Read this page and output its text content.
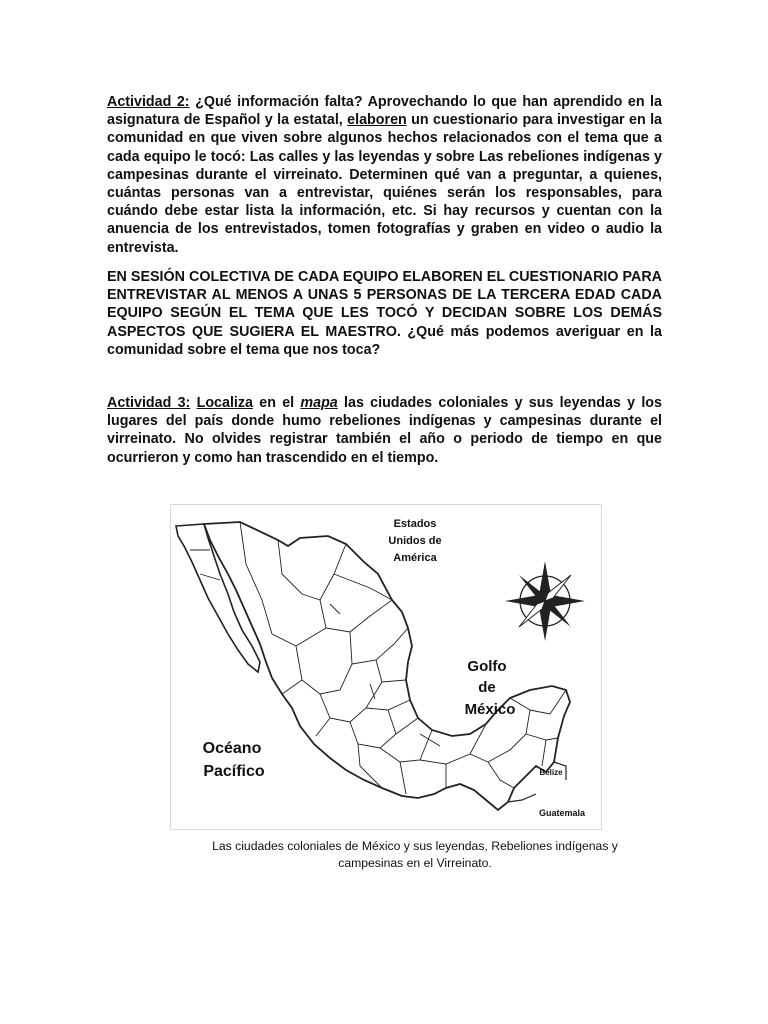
Actividad 2: ¿Qué información falta? Aprovechando lo que han aprendido en la asignatura de Español y la estatal, elaboren un cuestionario para investigar en la comunidad en que viven sobre algunos hechos relacionados con el tema que a cada equipo le tocó: Las calles y las leyendas y sobre Las rebeliones indígenas y campesinas durante el virreinato. Determinen qué van a preguntar, a quienes, cuántas personas van a entrevistar, quiénes serán los responsables, para cuándo debe estar lista la información, etc. Si hay recursos y cuentan con la anuencia de los entrevistados, tomen fotografías y graben en video o audio la entrevista.

EN SESIÓN COLECTIVA DE CADA EQUIPO ELABOREN EL CUESTIONARIO PARA ENTREVISTAR AL MENOS A UNAS 5 PERSONAS DE LA TERCERA EDAD CADA EQUIPO SEGÚN EL TEMA QUE LES TOCÓ Y DECIDAN SOBRE LOS DEMÁS ASPECTOS QUE SUGIERA EL MAESTRO. ¿Qué más podemos averiguar en la comunidad sobre el tema que nos toca?

Actividad 3: Localiza en el mapa las ciudades coloniales y sus leyendas y los lugares del país donde humo rebeliones indígenas y campesinas durante el virreinato. No olvides registrar también el año o periodo de tiempo en que ocurrieron y como han trascendido en el tiempo.

Estados
Unidos de
América
Golfo
de
México
Océano
Pacífico	Belize
Guatemala
Las ciudades coloniales de México y sus leyendas, Rebeliones indígenas y
campesinas en el Virreinato.
